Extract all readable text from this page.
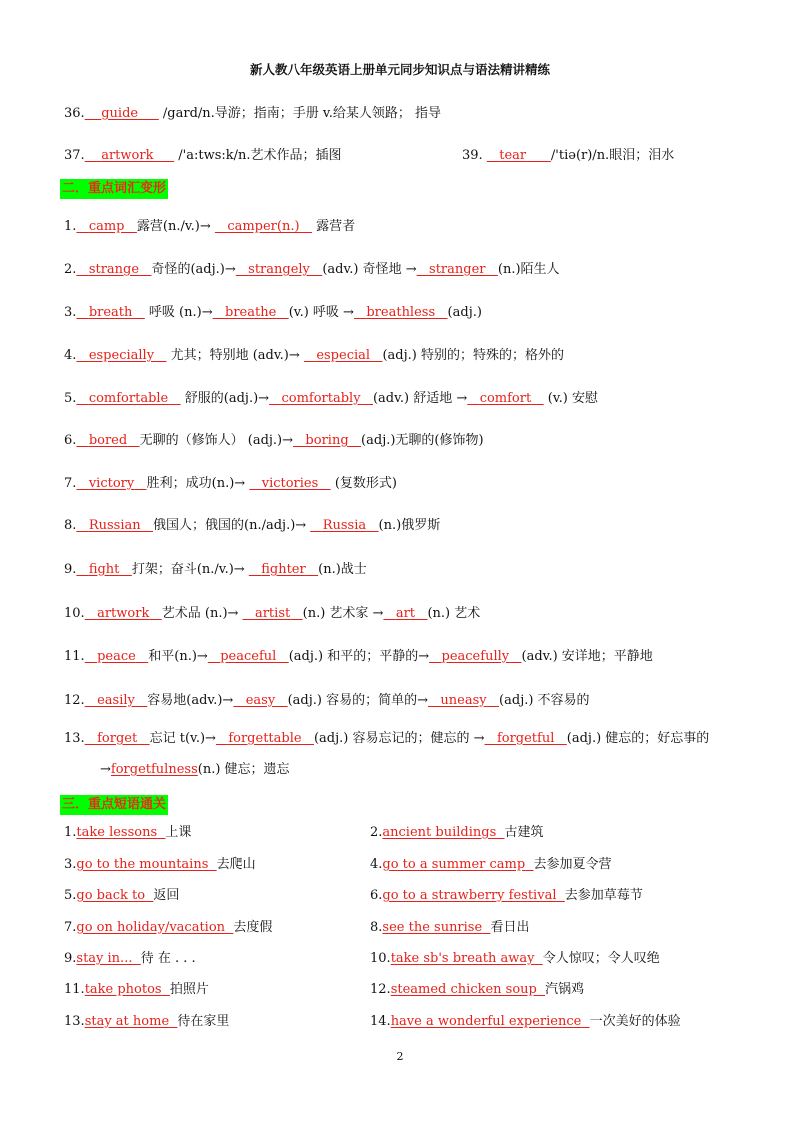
新人教八年级英语上册单元同步知识点与语法精讲精练
36. guide      /gard/n.导游；指南；手册 v.给某人领路； 指导
37. artwork      /'a:tws:k/n.艺术作品；插图	39. tear /'tiə(r)/n.眼泪；泪水
二．重点词汇变形
1. camp 露营(n./v.)→    camper(n.)    露营者
2. strange 奇怪的(adj.)→ strangely (adv.) 奇怪地 → stranger (n.)陌生人
3. breath    呼吸 (n.)→ breathe (v.) 呼吸 → breathless (adj.)
4. especially    尤其；特别地 (adv.)→    especial (adj.) 特别的；特殊的；格外的
5. comfortable    舒服的(adj.)→ comfortably (adv.) 舒适地 → comfort    (v.) 安慰
6. bored 无聊的（修饰人） (adj.)→ boring (adj.)无聊的(修饰物)
7. victory 胜利；成功(n.)→    victories    (复数形式)
8. Russian 俄国人；俄国的(n./adj.)→    Russia (n.)俄罗斯
9. fight 打架；奋斗(n./v.)→    fighter (n.)战士
10. artwork 艺术品 (n.)→    artist (n.) 艺术家 → art (n.) 艺术
11. peace 和平(n.)→ peaceful (adj.) 和平的；平静的→ peacefully (adv.) 安详地；平静地
12. easily 容易地(adv.)→ easy (adj.) 容易的；简单的→ uneasy (adj.) 不容易的
13. forget 忘记 t(v.)→ forgettable (adj.) 容易忘记的；健忘的 → forgetful (adj.) 健忘的；好忘事的
→forgetfulness(n.) 健忘；遗忘
三．重点短语通关
1.take lessons 上课	2.ancient buildings 古建筑
3.go to the mountains 去爬山	4.go to a summer camp 去参加夏令营
5.go back to 返回	6.go to a strawberry festival 去参加草莓节
7.go on holiday/vacation 去度假	8.see the sunrise 看日出
9.stay in... 待 在 . . .	10.take sb's breath away 令人惊叹；令人叹绝
11.take photos 拍照片	12.steamed chicken soup 汽锅鸡
13.stay at home 待在家里	14.have a wonderful experience 一次美好的体验
2
